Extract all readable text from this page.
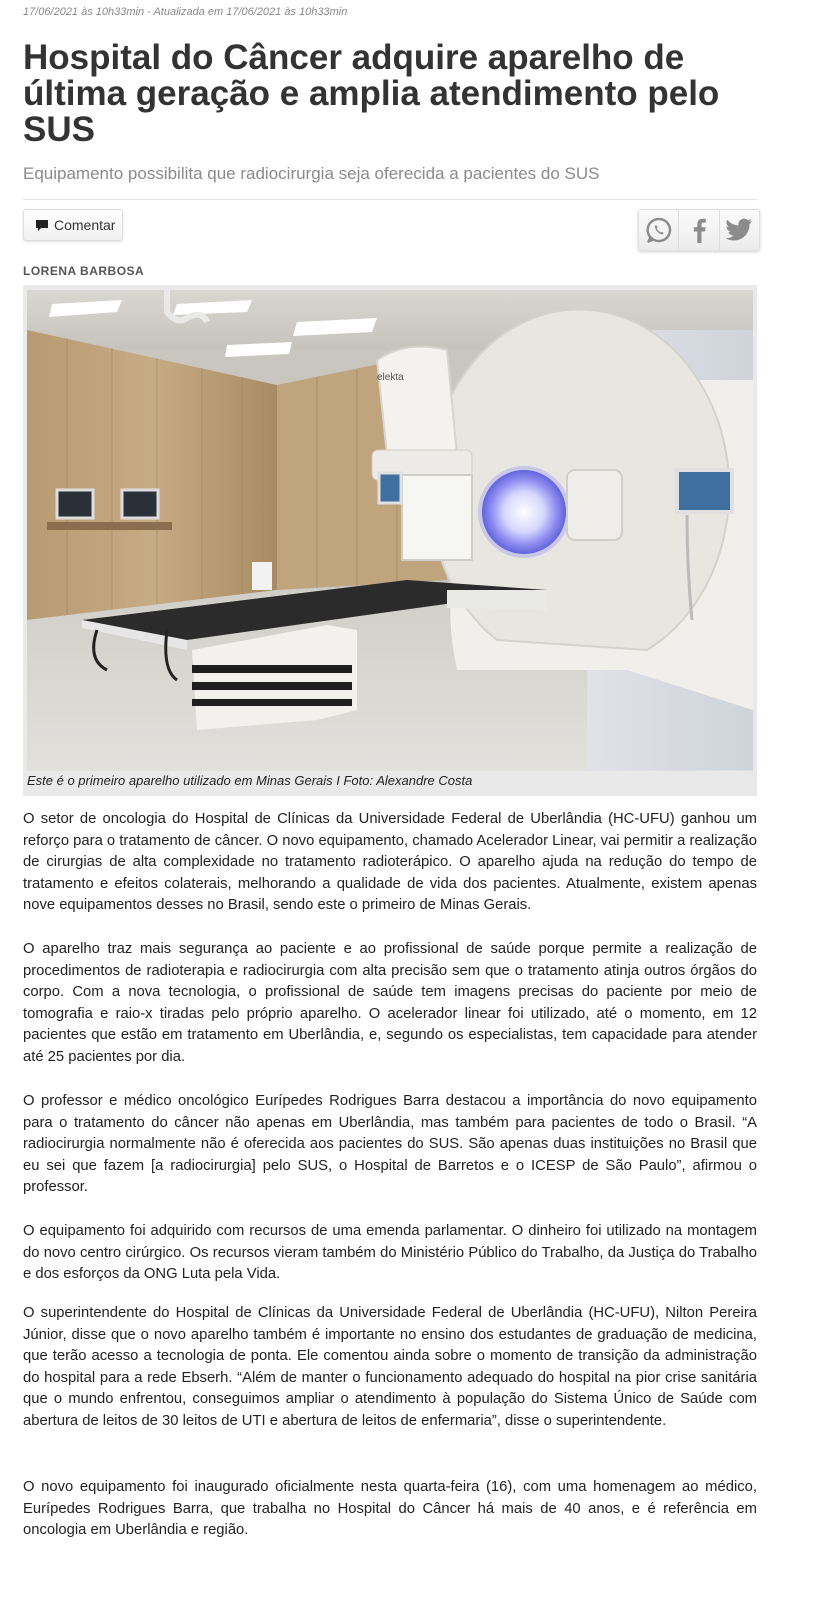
17/06/2021 às 10h33min - Atualizada em 17/06/2021 às 10h33min
Hospital do Câncer adquire aparelho de última geração e amplia atendimento pelo SUS
Equipamento possibilita que radiocirurgia seja oferecida a pacientes do SUS
Comentar
LORENA BARBOSA
elekta
Este é o primeiro aparelho utilizado em Minas Gerais I Foto: Alexandre Costa

O setor de oncologia do Hospital de Clínicas da Universidade Federal de Uberlândia (HC-UFU) ganhou um reforço para o tratamento de câncer. O novo equipamento, chamado Acelerador Linear, vai permitir a realização de cirurgias de alta complexidade no tratamento radioterápico. O aparelho ajuda na redução do tempo de tratamento e efeitos colaterais, melhorando a qualidade de vida dos pacientes. Atualmente, existem apenas nove equipamentos desses no Brasil, sendo este o primeiro de Minas Gerais.

O aparelho traz mais segurança ao paciente e ao profissional de saúde porque permite a realização de procedimentos de radioterapia e radiocirurgia com alta precisão sem que o tratamento atinja outros órgãos do corpo. Com a nova tecnologia, o profissional de saúde tem imagens precisas do paciente por meio de tomografia e raio-x tiradas pelo próprio aparelho. O acelerador linear foi utilizado, até o momento, em 12 pacientes que estão em tratamento em Uberlândia, e, segundo os especialistas, tem capacidade para atender até 25 pacientes por dia.

O professor e médico oncológico Eurípedes Rodrigues Barra destacou a importância do novo equipamento para o tratamento do câncer não apenas em Uberlândia, mas também para pacientes de todo o Brasil. “A radiocirurgia normalmente não é oferecida aos pacientes do SUS. São apenas duas instituições no Brasil que eu sei que fazem [a radiocirurgia] pelo SUS, o Hospital de Barretos e o ICESP de São Paulo”, afirmou o professor.

O equipamento foi adquirido com recursos de uma emenda parlamentar. O dinheiro foi utilizado na montagem do novo centro cirúrgico. Os recursos vieram também do Ministério Público do Trabalho, da Justiça do Trabalho e dos esforços da ONG Luta pela Vida.

O superintendente do Hospital de Clínicas da Universidade Federal de Uberlândia (HC-UFU), Nilton Pereira Júnior, disse que o novo aparelho também é importante no ensino dos estudantes de graduação de medicina, que terão acesso a tecnologia de ponta. Ele comentou ainda sobre o momento de transição da administração do hospital para a rede Ebserh. “Além de manter o funcionamento adequado do hospital na pior crise sanitária que o mundo enfrentou, conseguimos ampliar o atendimento à população do Sistema Único de Saúde com abertura de leitos de 30 leitos de UTI e abertura de leitos de enfermaria”, disse o superintendente.

O novo equipamento foi inaugurado oficialmente nesta quarta-feira (16), com uma homenagem ao médico, Eurípedes Rodrigues Barra, que trabalha no Hospital do Câncer há mais de 40 anos, e é referência em oncologia em Uberlândia e região.
